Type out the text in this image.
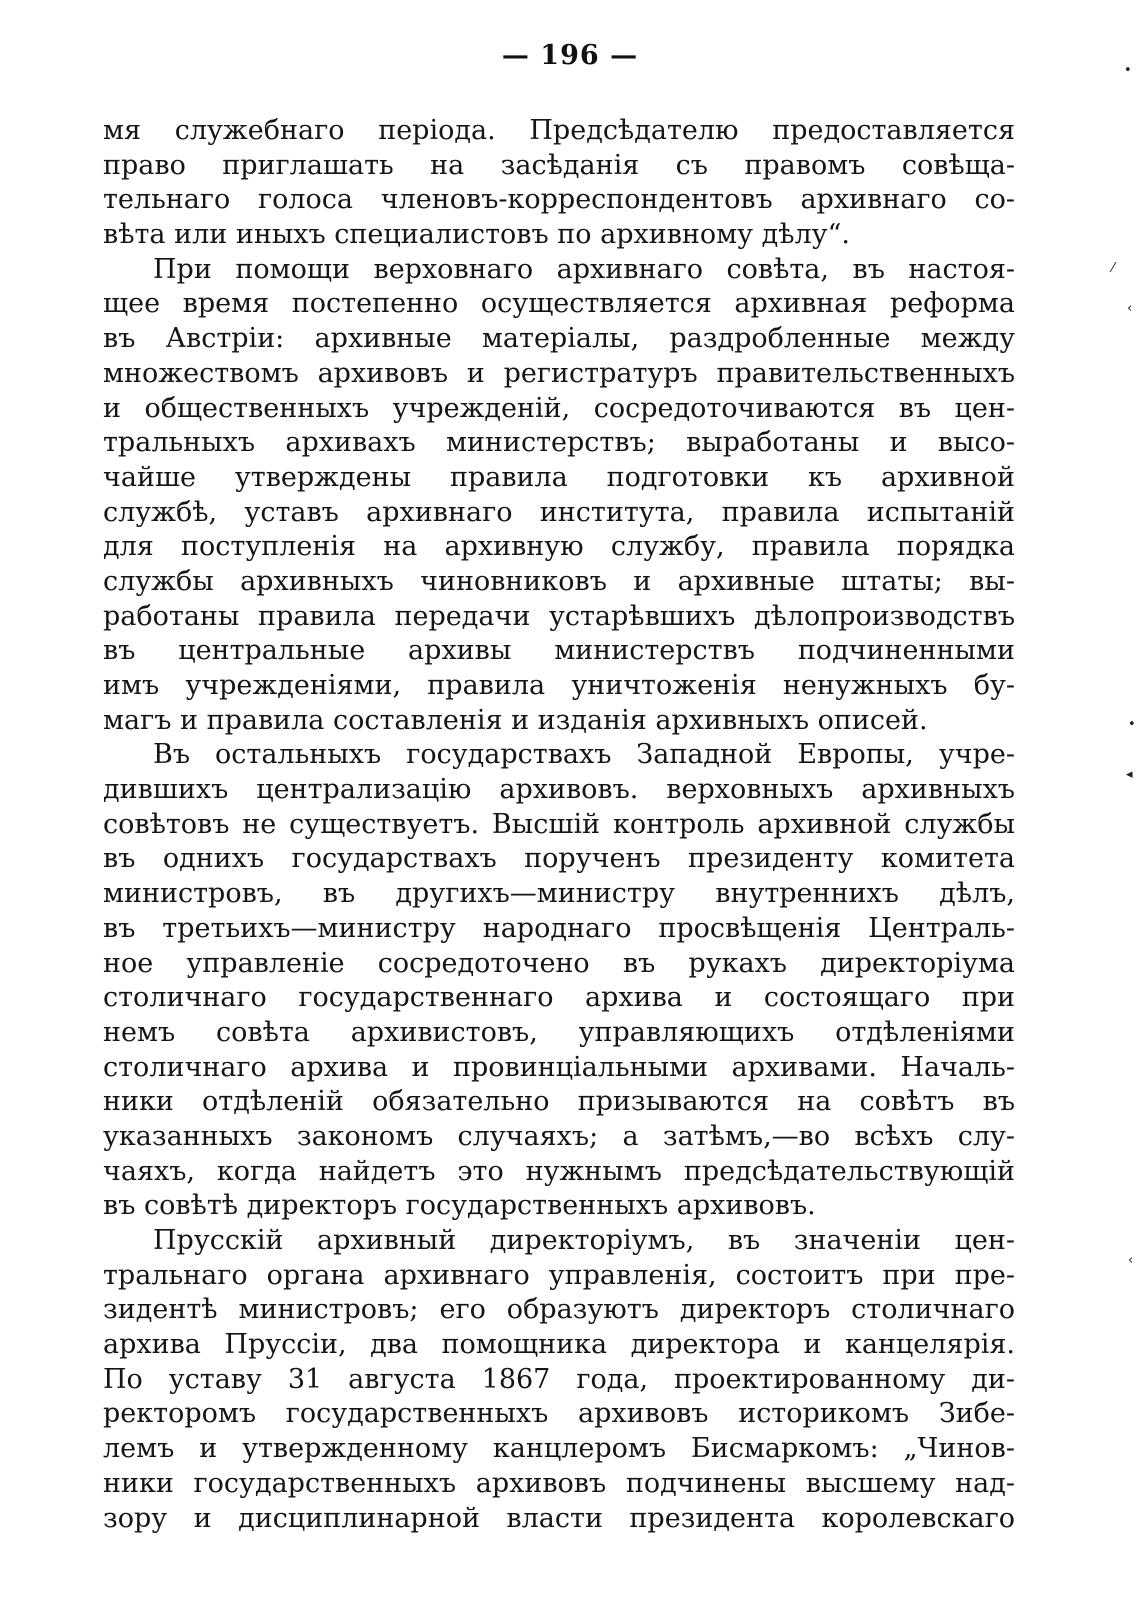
— 196 —
мя служебнаго періода. Предсѣдателю предоставляется
право приглашать на засѣданія съ правомъ совѣща-
тельнаго голоса членовъ-корреспондентовъ архивнаго со-
вѣта или иныхъ специалистовъ по архивному дѣлу“.
При помощи верховнаго архивнаго совѣта, въ настоя-
щее время постепенно осуществляется архивная реформа
въ Австріи: архивные матеріалы, раздробленные между
множествомъ архивовъ и регистратуръ правительственныхъ
и общественныхъ учрежденій, сосредоточиваются въ цен-
тральныхъ архивахъ министерствъ; выработаны и высо-
чайше утверждены правила подготовки къ архивной
службѣ, уставъ архивнаго института, правила испытаній
для поступленія на архивную службу, правила порядка
службы архивныхъ чиновниковъ и архивные штаты; вы-
работаны правила передачи устарѣвшихъ дѣлопроизводствъ
въ центральные архивы министерствъ подчиненными
имъ учрежденіями, правила уничтоженія ненужныхъ бу-
магъ и правила составленія и изданія архивныхъ описей.
Въ остальныхъ государствахъ Западной Европы, учре-
дившихъ централизацію архивовъ. верховныхъ архивныхъ
совѣтовъ не существуетъ. Высшій контроль архивной службы
въ однихъ государствахъ порученъ президенту комитета
министровъ, въ другихъ—министру внутреннихъ дѣлъ,
въ третьихъ—министру народнаго просвѣщенія Централь-
ное управленіе сосредоточено въ рукахъ директоріума
столичнаго государственнаго архива и состоящаго при
немъ совѣта архивистовъ, управляющихъ отдѣленіями
столичнаго архива и провинціальными архивами. Началь-
ники отдѣленій обязательно призываются на совѣтъ въ
указанныхъ закономъ случаяхъ; а затѣмъ,—во всѣхъ слу-
чаяхъ, когда найдетъ это нужнымъ предсѣдательствующій
въ совѣтѣ директоръ государственныхъ архивовъ.
Прусскій архивный директоріумъ, въ значеніи цен-
тральнаго органа архивнаго управленія, состоитъ при пре-
зидентѣ министровъ; его образуютъ директоръ столичнаго
архива Пруссіи, два помощника директора и канцелярія.
По уставу 31 августа 1867 года, проектированному ди-
ректоромъ государственныхъ архивовъ историкомъ Зибе-
лемъ и утвержденному канцлеромъ Бисмаркомъ: „Чинов-
ники государственныхъ архивовъ подчинены высшему над-
зору и дисциплинарной власти президента королевскаго
•
⁄
‹
•
◂
‹
